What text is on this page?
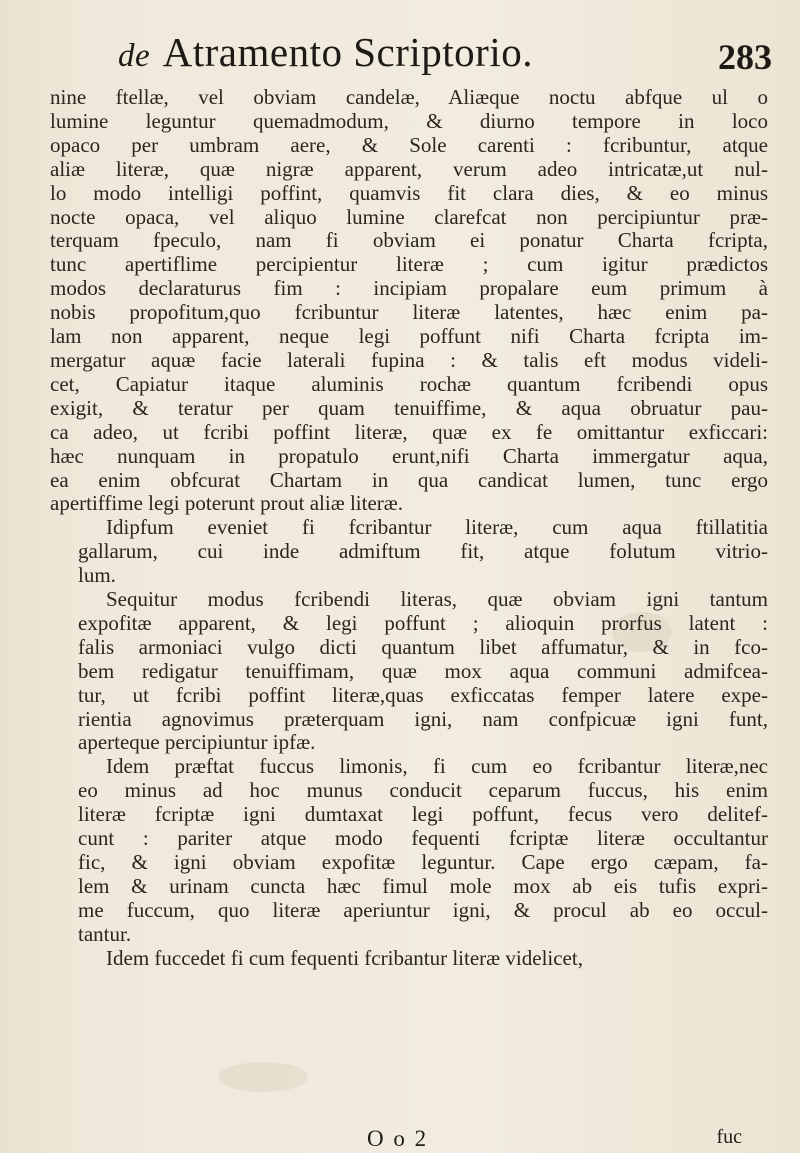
de Atramento Scriptorio.	283
nine ftellæ, vel obviam candelæ, Aliæque noctu abfque ul o
lumine leguntur quemadmodum, & diurno tempore in loco
opaco per umbram aere, & Sole carenti : fcribuntur, atque
aliæ literæ, quæ nigræ apparent, verum adeo intricatæ,ut nul-
lo modo intelligi poffint, quamvis fit clara dies, & eo minus
nocte opaca, vel aliquo lumine clarefcat non percipiuntur præ-
terquam fpeculo, nam fi obviam ei ponatur Charta fcripta,
tunc apertiflime percipientur literæ ; cum igitur prædictos
modos declaraturus fim : incipiam propalare eum primum à
nobis propofitum,quo fcribuntur literæ latentes, hæc enim pa-
lam non apparent, neque legi poffunt nifi Charta fcripta im-
mergatur aquæ facie laterali fupina : & talis eft modus videli-
cet, Capiatur itaque aluminis rochæ quantum fcribendi opus
exigit, & teratur per quam tenuiffime, & aqua obruatur pau-
ca adeo, ut fcribi poffint literæ, quæ ex fe omittantur exficcari:
hæc nunquam in propatulo erunt,nifi Charta immergatur aqua,
ea enim obfcurat Chartam in qua candicat lumen, tunc ergo
apertiffime legi poterunt prout aliæ literæ.
Idipfum eveniet fi fcribantur literæ, cum aqua ftillatitia
gallarum, cui inde admiftum fit, atque folutum vitrio-
lum.
Sequitur modus fcribendi literas, quæ obviam igni tantum
expofitæ apparent, & legi poffunt ; alioquin prorfus latent :
falis armoniaci vulgo dicti quantum libet affumatur, & in fco-
bem redigatur tenuiffimam, quæ mox aqua communi admifcea-
tur, ut fcribi poffint literæ,quas exficcatas femper latere expe-
rientia agnovimus præterquam igni, nam confpicuæ igni funt,
aperteque percipiuntur ipfæ.
Idem præftat fuccus limonis, fi cum eo fcribantur literæ,nec
eo minus ad hoc munus conducit ceparum fuccus, his enim
literæ fcriptæ igni dumtaxat legi poffunt, fecus vero delitef-
cunt : pariter atque modo fequenti fcriptæ literæ occultantur
fic, & igni obviam expofitæ leguntur. Cape ergo cæpam, fa-
lem & urinam cuncta hæc fimul mole mox ab eis tufis expri-
me fuccum, quo literæ aperiuntur igni, & procul ab eo occul-
tantur.
Idem fuccedet fi cum fequenti fcribantur literæ videlicet,
O o 2	fuc
